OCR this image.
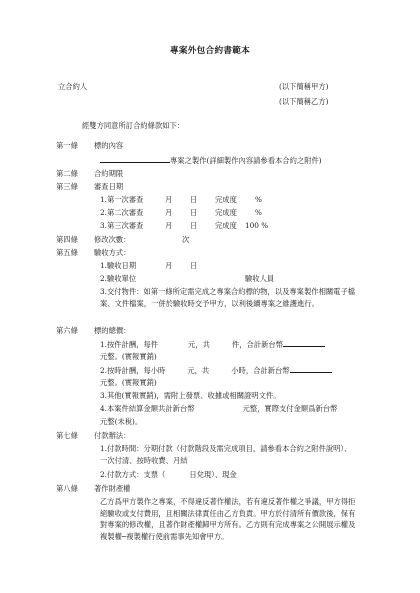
專案外包合約書範本
立合約人	(以下簡稱甲方)
(以下簡稱乙方)
經雙方同意所訂合約條款如下：
第一條 標的內容
專案之製作(詳細製作內容請參看本合約之附件)
第二條 合約期限
第三條 審查日期
1.第一次審查	月 日 完成度 %
2.第二次審查	月 日 完成度 %
3.第三次審查	月 日 完成度 100 %
第四條 修改次數：	次
第五條 驗收方式：
1.驗收日期	月 日
2.驗收單位	驗收人員
3.交付物件：如第一條所定需完成之專案合約標的物，以及專案製作相關電子檔案、文件檔案，一併於驗收時交予甲方，以利後續專案之維護進行。
第六條 標的總價：
1.按件計酬，每件	元，共	件，合計新台幣
元整。(實報實銷)
2.按時計酬，每小時	元，共	小時，合計新台幣
元整。(實報實銷)
3.其他(實報實銷)，需附上發票、收據或相關證明文件。
4.本案件結算金額共計新台幣	元整，實際支付金額爲新台幣
元整(未稅)。
第七條 付款辦法：
1.付款時間：分期付款（付款階段及需完成項目，請參看本合約之附件說明）、一次付清、按時收費、月結
2.付款方式：支票（	日兌現）、現金
第八條 著作財產權
乙方爲甲方製作之專案，不得違反著作權法，若有違反著作權之爭議，甲方得拒絕驗收或支付費用，且相關法律責任由乙方負責。甲方於付清所有價款後，保有對專案的修改權，且著作財產權歸甲方所有。乙方則有完成專案之公開展示權及複製權─複製權行使前需事先知會甲方。
